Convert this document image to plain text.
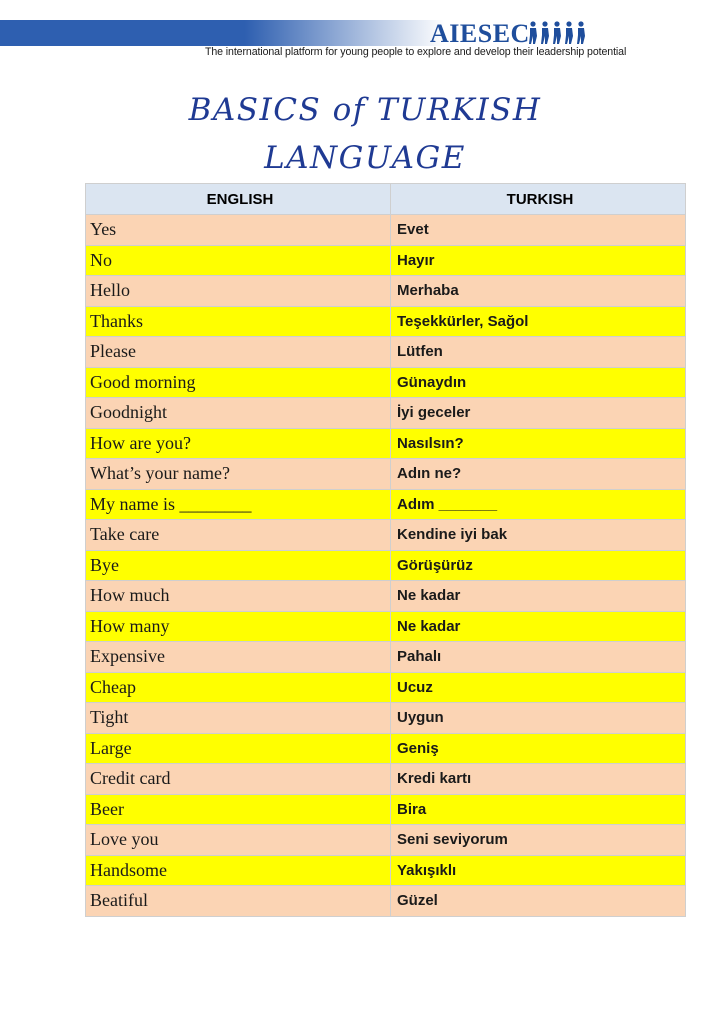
AIESEC
The international platform for young people to explore and develop their leadership potential
BASICS of TURKISH
LANGUAGE
ENGLISH	TURKISH
Yes	Evet
No	Hayır
Hello	Merhaba
Thanks	Teşekkürler, Sağol
Please	Lütfen
Good morning	Günaydın
Goodnight	İyi geceler
How are you?	Nasılsın?
What’s your name?	Adın ne?
My name is ________	Adım _______
Take care	Kendine iyi bak
Bye	Görüşürüz
How much	Ne kadar
How many	Ne kadar
Expensive	Pahalı
Cheap	Ucuz
Tight	Uygun
Large	Geniş
Credit card	Kredi kartı
Beer	Bira
Love you	Seni seviyorum
Handsome	Yakışıklı
Beatiful	Güzel
